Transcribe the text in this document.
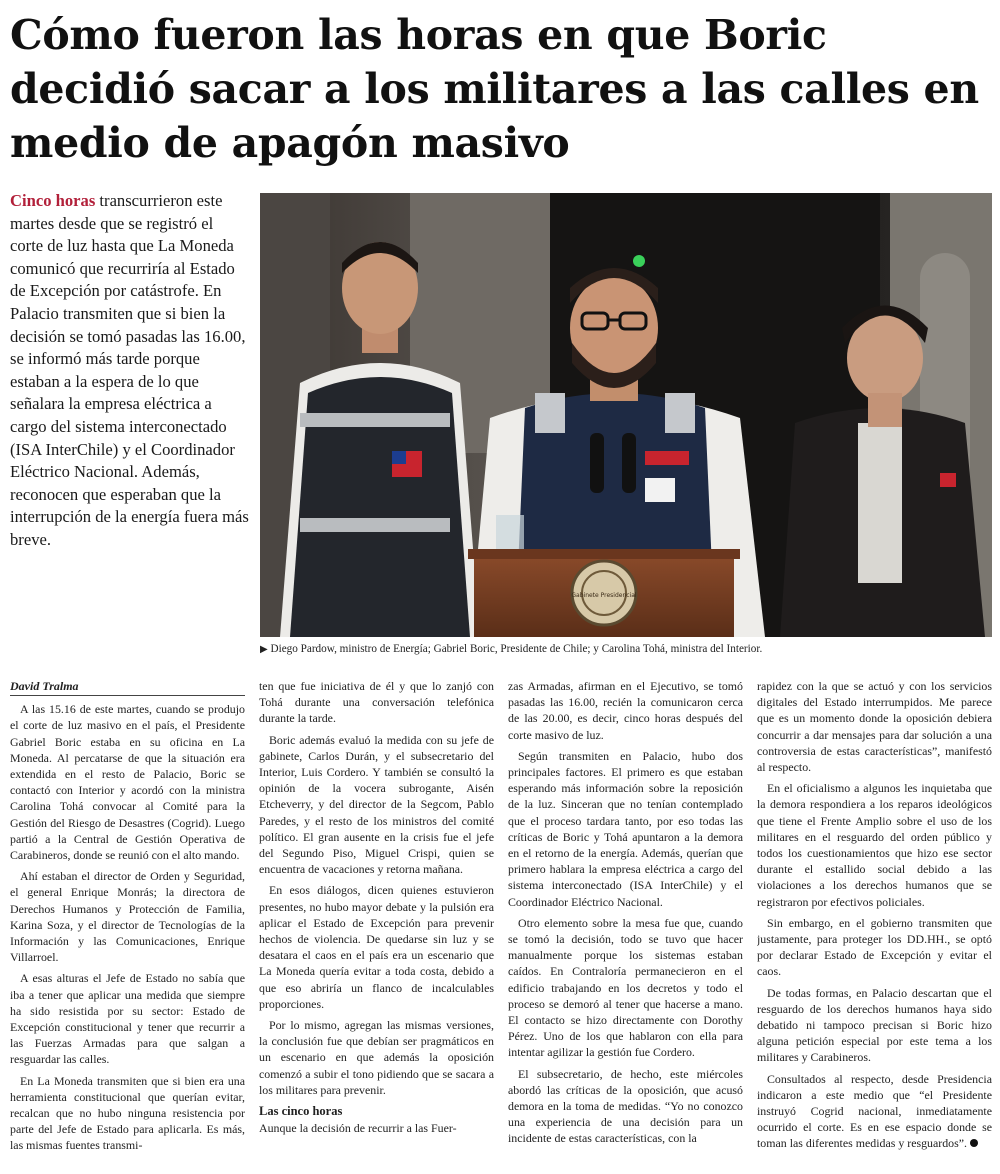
Cómo fueron las horas en que Boric decidió sacar a los militares a las calles en medio de apagón masivo

Cinco horas transcurrieron este martes desde que se registró el corte de luz hasta que La Moneda comunicó que recurriría al Estado de Excepción por catástrofe. En Palacio transmiten que si bien la decisión se tomó pasadas las 16.00, se informó más tarde porque estaban a la espera de lo que señalara la empresa eléctrica a cargo del sistema interconectado (ISA InterChile) y el Coordinador Eléctrico Nacional. Además, reconocen que esperaban que la interrupción de la energía fuera más breve.

Gabinete Presidencial

▶ Diego Pardow, ministro de Energía; Gabriel Boric, Presidente de Chile; y Carolina Tohá, ministra del Interior.

David Tralma

A las 15.16 de este martes, cuando se produjo el corte de luz masivo en el país, el Presidente Gabriel Boric estaba en su oficina en La Moneda. Al percatarse de que la situación era extendida en el resto de Palacio, Boric se contactó con Interior y acordó con la ministra Carolina Tohá convocar al Comité para la Gestión del Riesgo de Desastres (Cogrid). Luego partió a la Central de Gestión Operativa de Carabineros, donde se reunió con el alto mando.

Ahí estaban el director de Orden y Seguridad, el general Enrique Monrás; la directora de Derechos Humanos y Protección de Familia, Karina Soza, y el director de Tecnologías de la Información y las Comunicaciones, Enrique Villarroel.

A esas alturas el Jefe de Estado no sabía que iba a tener que aplicar una medida que siempre ha sido resistida por su sector: Estado de Excepción constitucional y tener que recurrir a las Fuerzas Armadas para que salgan a resguardar las calles.

En La Moneda transmiten que si bien era una herramienta constitucional que querían evitar, recalcan que no hubo ninguna resistencia por parte del Jefe de Estado para aplicarla. Es más, las mismas fuentes transmi-

ten que fue iniciativa de él y que lo zanjó con Tohá durante una conversación telefónica durante la tarde.

Boric además evaluó la medida con su jefe de gabinete, Carlos Durán, y el subsecretario del Interior, Luis Cordero. Y también se consultó la opinión de la vocera subrogante, Aisén Etcheverry, y del director de la Segcom, Pablo Paredes, y el resto de los ministros del comité político. El gran ausente en la crisis fue el jefe del Segundo Piso, Miguel Crispi, quien se encuentra de vacaciones y retorna mañana.

En esos diálogos, dicen quienes estuvieron presentes, no hubo mayor debate y la pulsión era aplicar el Estado de Excepción para prevenir hechos de violencia. De quedarse sin luz y se desatara el caos en el país era un escenario que La Moneda quería evitar a toda costa, debido a que eso abriría un flanco de incalculables proporciones.

Por lo mismo, agregan las mismas versiones, la conclusión fue que debían ser pragmáticos en un escenario en que además la oposición comenzó a subir el tono pidiendo que se sacara a los militares para prevenir.

Las cinco horas

Aunque la decisión de recurrir a las Fuer-

zas Armadas, afirman en el Ejecutivo, se tomó pasadas las 16.00, recién la comunicaron cerca de las 20.00, es decir, cinco horas después del corte masivo de luz.

Según transmiten en Palacio, hubo dos principales factores. El primero es que estaban esperando más información sobre la reposición de la luz. Sinceran que no tenían contemplado que el proceso tardara tanto, por eso todas las críticas de Boric y Tohá apuntaron a la demora en el retorno de la energía. Además, querían que primero hablara la empresa eléctrica a cargo del sistema interconectado (ISA InterChile) y el Coordinador Eléctrico Nacional.

Otro elemento sobre la mesa fue que, cuando se tomó la decisión, todo se tuvo que hacer manualmente porque los sistemas estaban caídos. En Contraloría permanecieron en el edificio trabajando en los decretos y todo el proceso se demoró al tener que hacerse a mano. El contacto se hizo directamente con Dorothy Pérez. Uno de los que hablaron con ella para intentar agilizar la gestión fue Cordero.

El subsecretario, de hecho, este miércoles abordó las críticas de la oposición, que acusó demora en la toma de medidas. “Yo no conozco una experiencia de una decisión para un incidente de estas características, con la

rapidez con la que se actuó y con los servicios digitales del Estado interrumpidos. Me parece que es un momento donde la oposición debiera concurrir a dar mensajes para dar solución a una controversia de estas características”, manifestó al respecto.

En el oficialismo a algunos les inquietaba que la demora respondiera a los reparos ideológicos que tiene el Frente Amplio sobre el uso de los militares en el resguardo del orden público y todos los cuestionamientos que hizo ese sector durante el estallido social debido a las violaciones a los derechos humanos que se registraron por efectivos policiales.

Sin embargo, en el gobierno transmiten que justamente, para proteger los DD.HH., se optó por declarar Estado de Excepción y evitar el caos.

De todas formas, en Palacio descartan que el resguardo de los derechos humanos haya sido debatido ni tampoco precisan si Boric hizo alguna petición especial por este tema a los militares y Carabineros.

Consultados al respecto, desde Presidencia indicaron a este medio que “el Presidente instruyó Cogrid nacional, inmediatamente ocurrido el corte. Es en ese espacio donde se toman las diferentes medidas y resguardos”.
